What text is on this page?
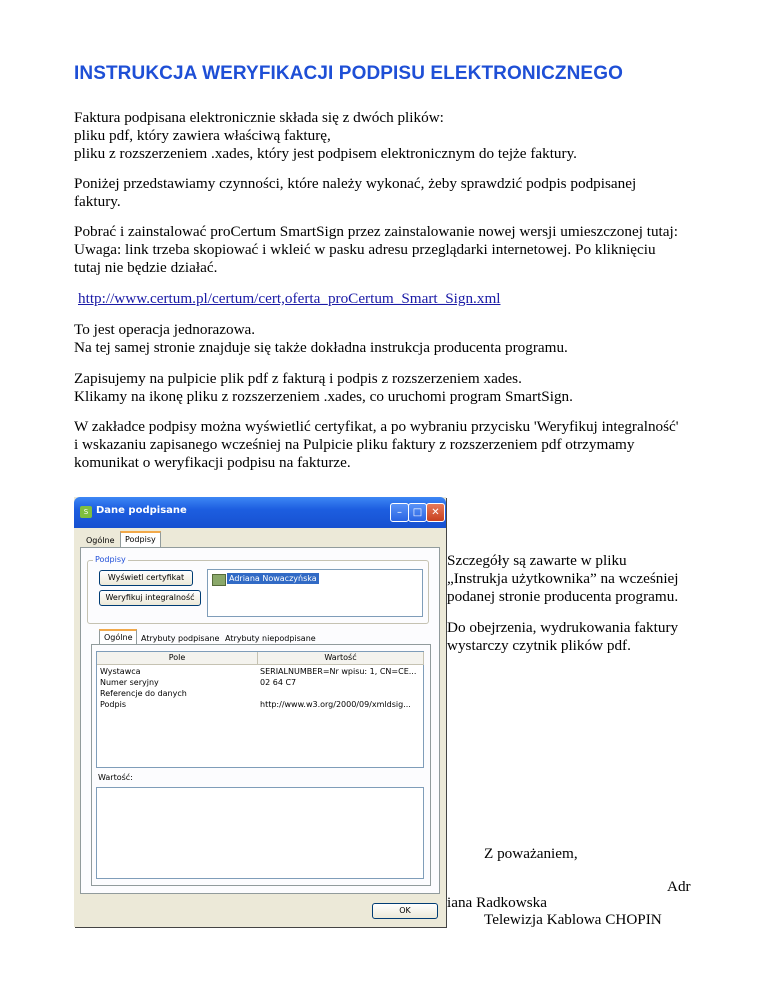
INSTRUKCJA WERYFIKACJI PODPISU ELEKTRONICZNEGO
Faktura podpisana elektronicznie składa się z dwóch plików:
pliku pdf, który zawiera właściwą fakturę,
pliku z rozszerzeniem .xades, który jest podpisem elektronicznym do tejże faktury.
Poniżej przedstawiamy czynności, które należy wykonać, żeby sprawdzić podpis podpisanej
faktury.
Pobrać i zainstalować proCertum SmartSign przez zainstalowanie nowej wersji umieszczonej tutaj:
Uwaga: link trzeba skopiować i wkleić w pasku adresu przeglądarki internetowej. Po kliknięciu
tutaj nie będzie działać.
http://www.certum.pl/certum/cert,oferta_proCertum_Smart_Sign.xml
To jest operacja jednorazowa.
Na tej samej stronie znajduje się także dokładna instrukcja producenta programu.
Zapisujemy na pulpicie plik pdf z fakturą i podpis z rozszerzeniem xades.
Klikamy na ikonę pliku z rozszerzeniem .xades, co uruchomi program SmartSign.
W zakładce podpisy można wyświetlić certyfikat, a po wybraniu przycisku 'Weryfikuj integralność'
i wskazaniu zapisanego wcześniej na Pulpicie pliku faktury z rozszerzeniem pdf otrzymamy
komunikat o weryfikacji podpisu na fakturze.
S Dane podpisane	–	□ ✕
Ogólne	Podpisy
Podpisy
Wyświetl certyfikat
Weryfikuj integralność
Adriana Nowaczyńska
Ogólne	Atrybuty podpisane Atrybuty niepodpisane
Pole	Wartość
Wystawca	SERIALNUMBER=Nr wpisu: 1, CN=CE...
Numer seryjny	02 64 C7
Referencje do danych
Podpis	http://www.w3.org/2000/09/xmldsig...
Wartość:
OK
Szczegóły są zawarte w pliku
„Instrukja użytkownika” na wcześniej
podanej stronie producenta programu.
Do obejrzenia, wydrukowania faktury
wystarczy czytnik plików pdf.
Z poważaniem,
Adr
iana Radkowska
Telewizja Kablowa CHOPIN
